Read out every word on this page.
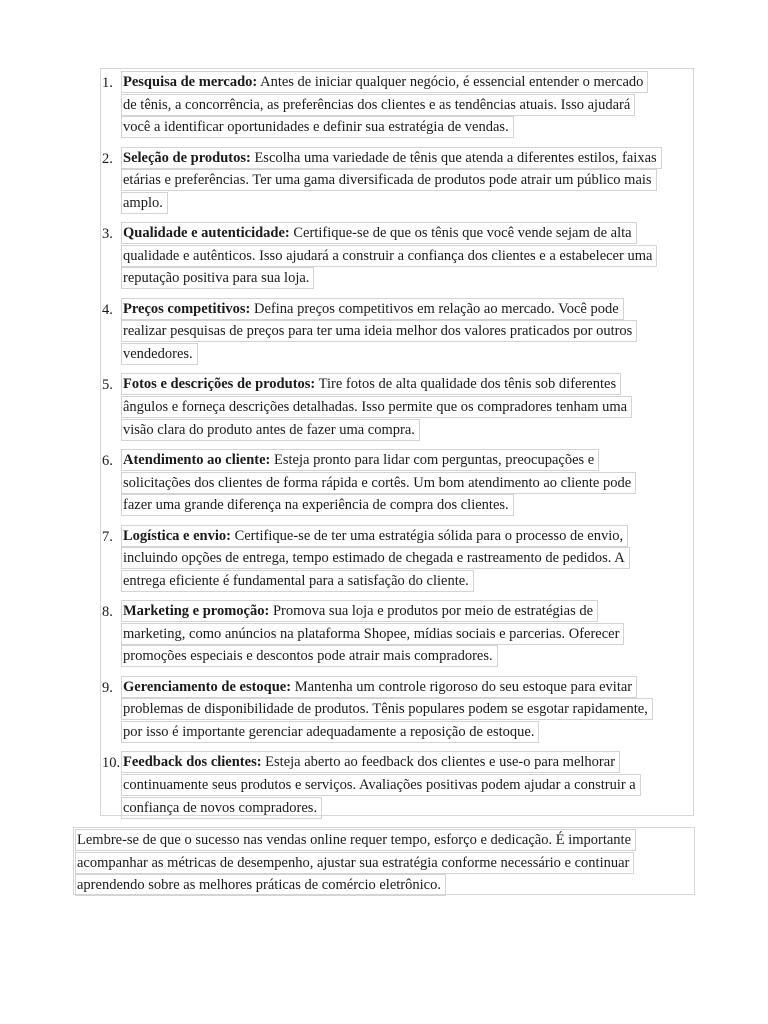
1. Pesquisa de mercado: Antes de iniciar qualquer negócio, é essencial entender o mercado
de tênis, a concorrência, as preferências dos clientes e as tendências atuais. Isso ajudará
você a identificar oportunidades e definir sua estratégia de vendas.
2. Seleção de produtos: Escolha uma variedade de tênis que atenda a diferentes estilos, faixas
etárias e preferências. Ter uma gama diversificada de produtos pode atrair um público mais
amplo.
3. Qualidade e autenticidade: Certifique-se de que os tênis que você vende sejam de alta
qualidade e autênticos. Isso ajudará a construir a confiança dos clientes e a estabelecer uma
reputação positiva para sua loja.
4. Preços competitivos: Defina preços competitivos em relação ao mercado. Você pode
realizar pesquisas de preços para ter uma ideia melhor dos valores praticados por outros
vendedores.
5. Fotos e descrições de produtos: Tire fotos de alta qualidade dos tênis sob diferentes
ângulos e forneça descrições detalhadas. Isso permite que os compradores tenham uma
visão clara do produto antes de fazer uma compra.
6. Atendimento ao cliente: Esteja pronto para lidar com perguntas, preocupações e
solicitações dos clientes de forma rápida e cortês. Um bom atendimento ao cliente pode
fazer uma grande diferença na experiência de compra dos clientes.
7. Logística e envio: Certifique-se de ter uma estratégia sólida para o processo de envio,
incluindo opções de entrega, tempo estimado de chegada e rastreamento de pedidos. A
entrega eficiente é fundamental para a satisfação do cliente.
8. Marketing e promoção: Promova sua loja e produtos por meio de estratégias de
marketing, como anúncios na plataforma Shopee, mídias sociais e parcerias. Oferecer
promoções especiais e descontos pode atrair mais compradores.
9. Gerenciamento de estoque: Mantenha um controle rigoroso do seu estoque para evitar
problemas de disponibilidade de produtos. Tênis populares podem se esgotar rapidamente,
por isso é importante gerenciar adequadamente a reposição de estoque.
10. Feedback dos clientes: Esteja aberto ao feedback dos clientes e use-o para melhorar
continuamente seus produtos e serviços. Avaliações positivas podem ajudar a construir a
confiança de novos compradores.
Lembre-se de que o sucesso nas vendas online requer tempo, esforço e dedicação. É importante
acompanhar as métricas de desempenho, ajustar sua estratégia conforme necessário e continuar
aprendendo sobre as melhores práticas de comércio eletrônico.
